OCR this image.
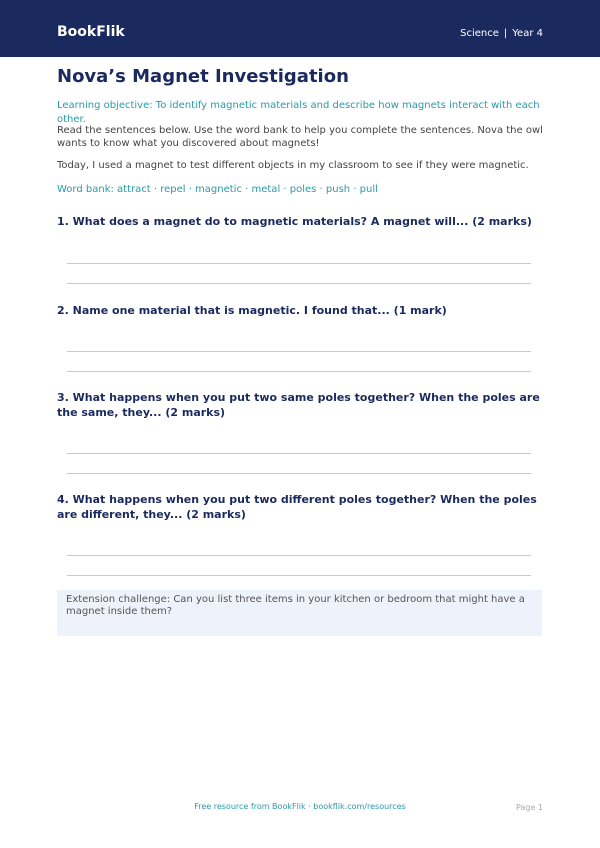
BookFlik	Science | Year 4
Nova’s Magnet Investigation

Learning objective: To identify magnetic materials and describe how magnets interact with each other.

Read the sentences below. Use the word bank to help you complete the sentences. Nova the owl wants to know what you discovered about magnets!

Today, I used a magnet to test different objects in my classroom to see if they were magnetic.

Word bank: attract · repel · magnetic · metal · poles · push · pull

1. What does a magnet do to magnetic materials? A magnet will... (2 marks)
2. Name one material that is magnetic. I found that... (1 mark)
3. What happens when you put two same poles together? When the poles are the same, they... (2 marks)
4. What happens when you put two different poles together? When the poles are different, they... (2 marks)
Extension challenge: Can you list three items in your kitchen or bedroom that might have a magnet inside them?
Free resource from BookFlik · bookflik.com/resources	Page 1
